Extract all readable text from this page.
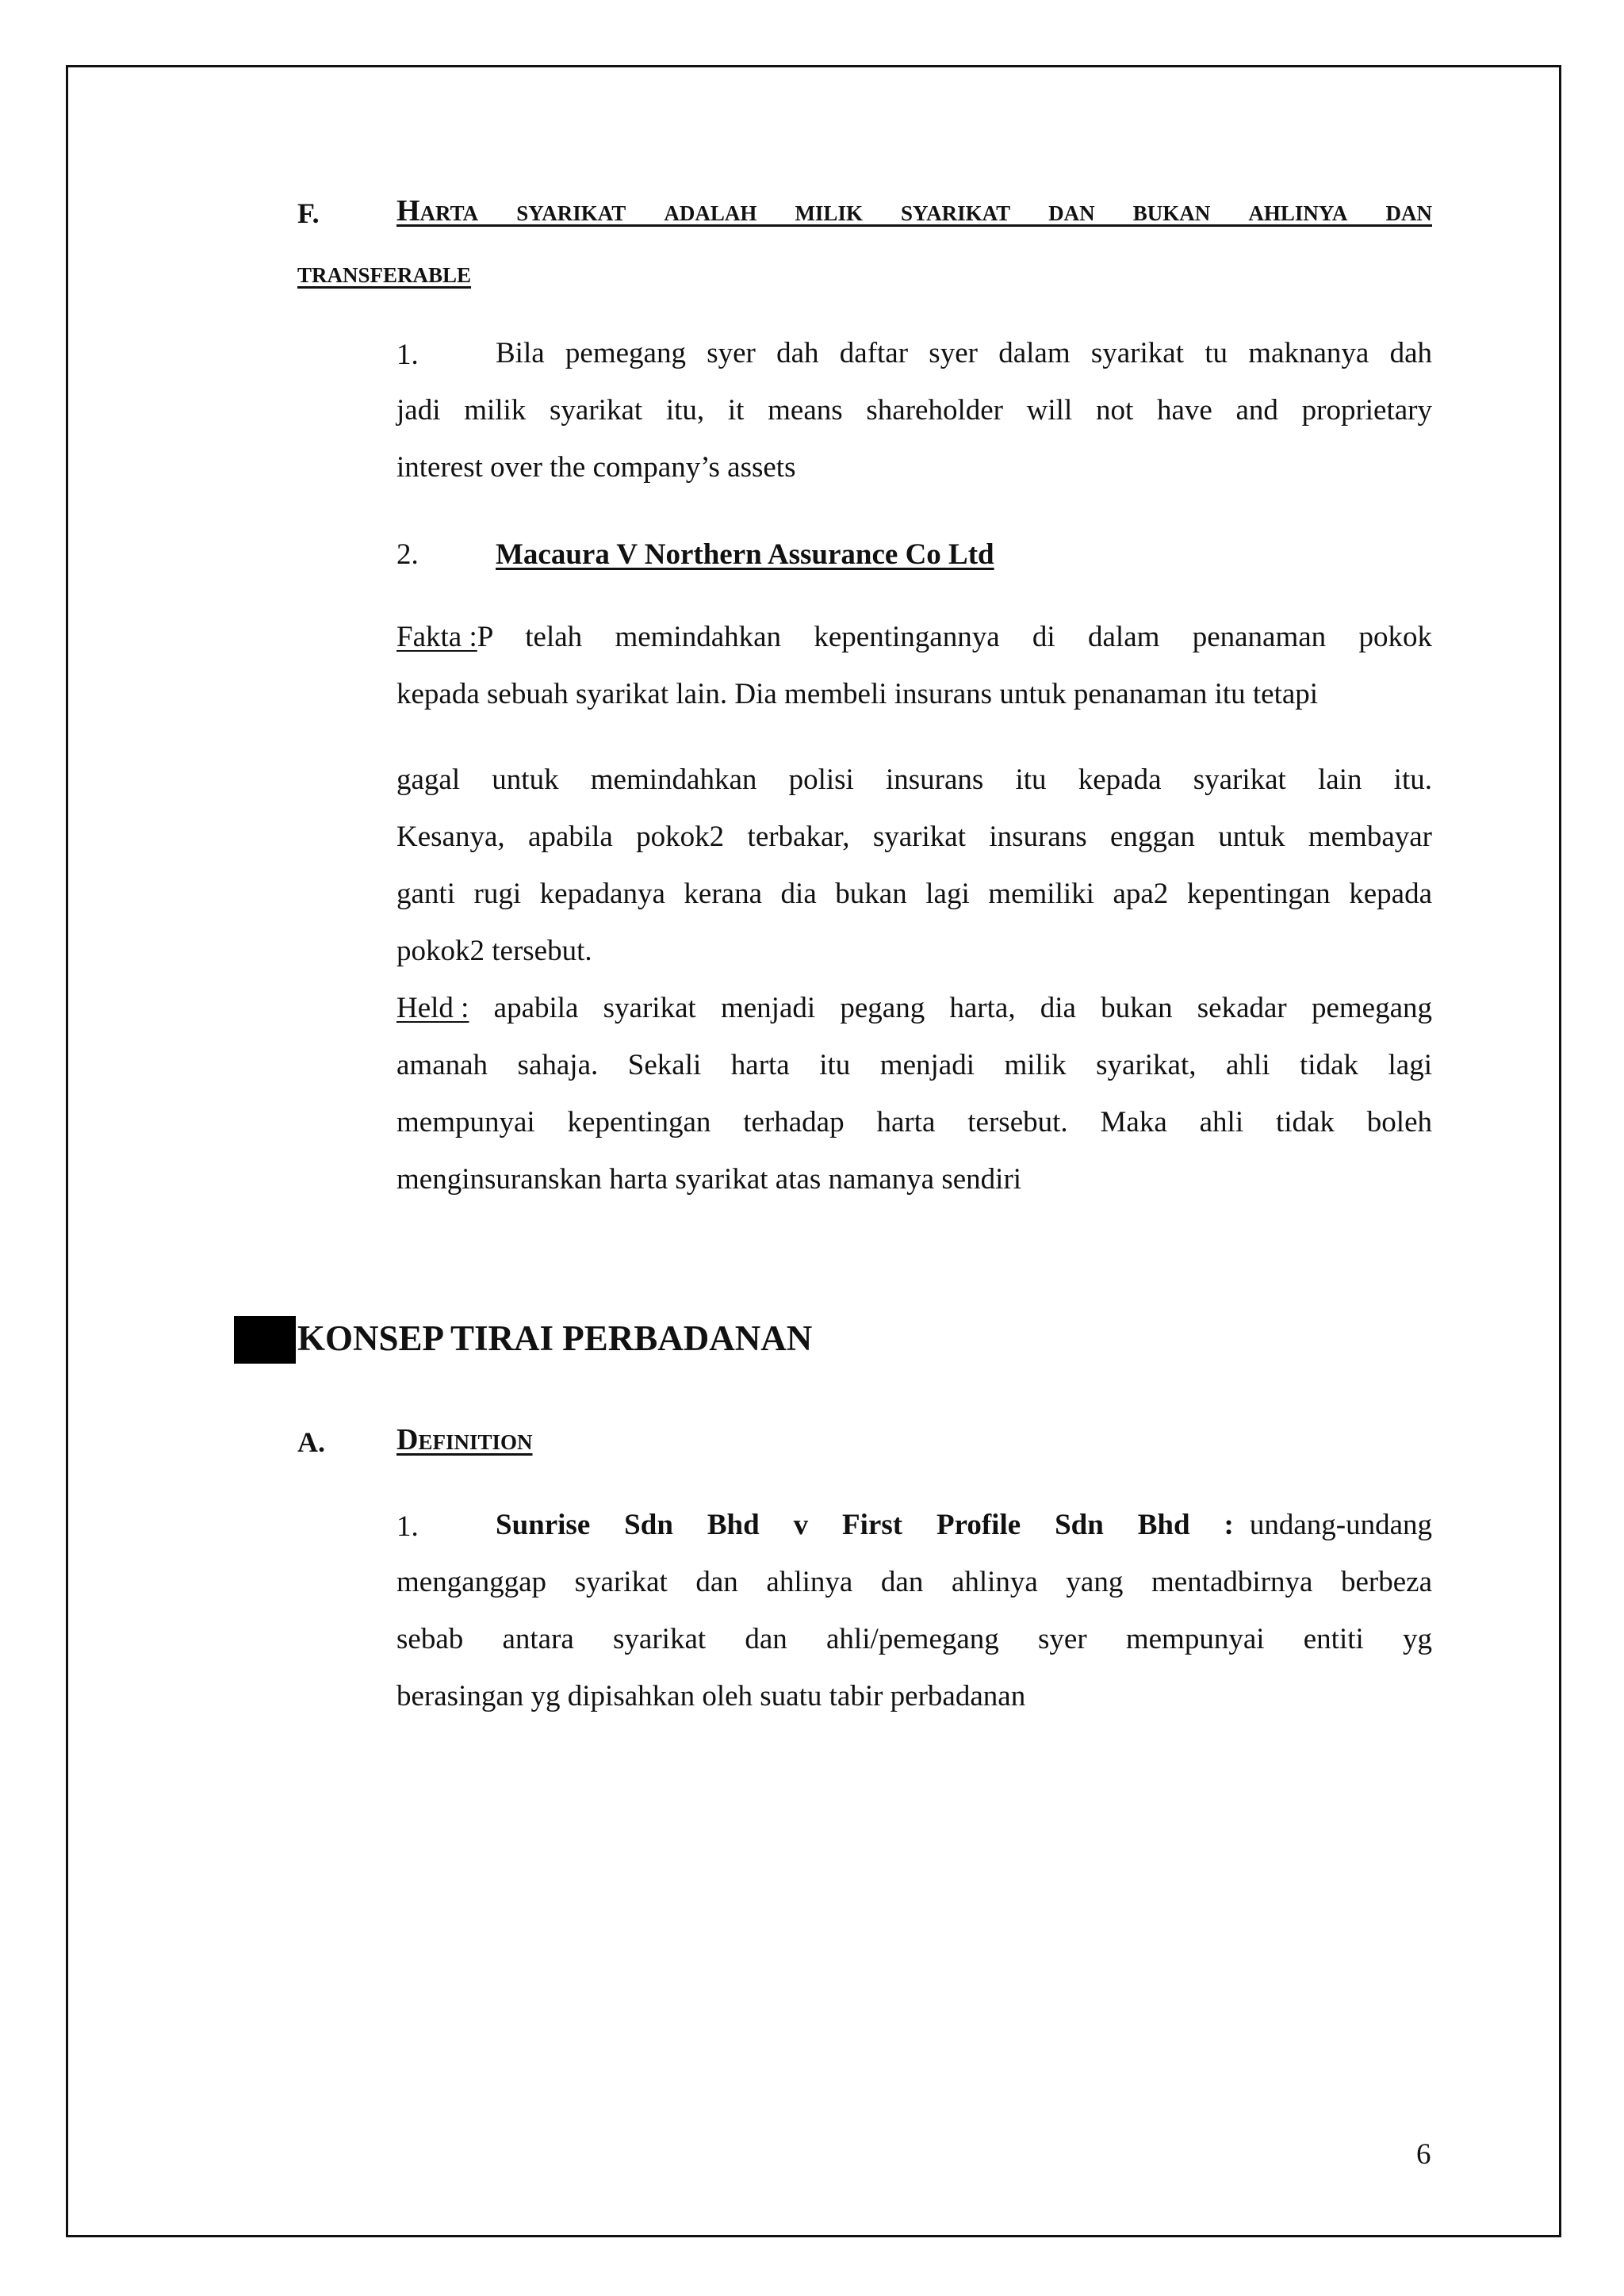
F.	Harta syarikat adalah milik syarikat dan bukan ahlinya dan
transferable
1.	Bila pemegang syer dah daftar syer dalam syarikat tu maknanya dah
jadi milik syarikat itu, it means shareholder will not have and proprietary
interest over the company’s assets
2.	Macaura V Northern Assurance Co Ltd
Fakta : P telah memindahkan kepentingannya di dalam penanaman pokok
kepada sebuah syarikat lain. Dia membeli insurans untuk penanaman itu tetapi
gagal untuk memindahkan polisi insurans itu kepada syarikat lain itu.
Kesanya, apabila pokok2 terbakar, syarikat insurans enggan untuk membayar
ganti rugi kepadanya kerana dia bukan lagi memiliki apa2 kepentingan kepada
pokok2 tersebut.
Held : apabila syarikat menjadi pegang harta, dia bukan sekadar pemegang
amanah sahaja. Sekali harta itu menjadi milik syarikat, ahli tidak lagi
mempunyai kepentingan terhadap harta tersebut. Maka ahli tidak boleh
menginsuranskan harta syarikat atas namanya sendiri
KONSEP TIRAI PERBADANAN
A. Definition
1.	Sunrise Sdn Bhd v First Profile Sdn Bhd : undang-undang
menganggap syarikat dan ahlinya dan ahlinya yang mentadbirnya berbeza
sebab antara syarikat dan ahli/pemegang syer mempunyai entiti yg
berasingan yg dipisahkan oleh suatu tabir perbadanan
6
